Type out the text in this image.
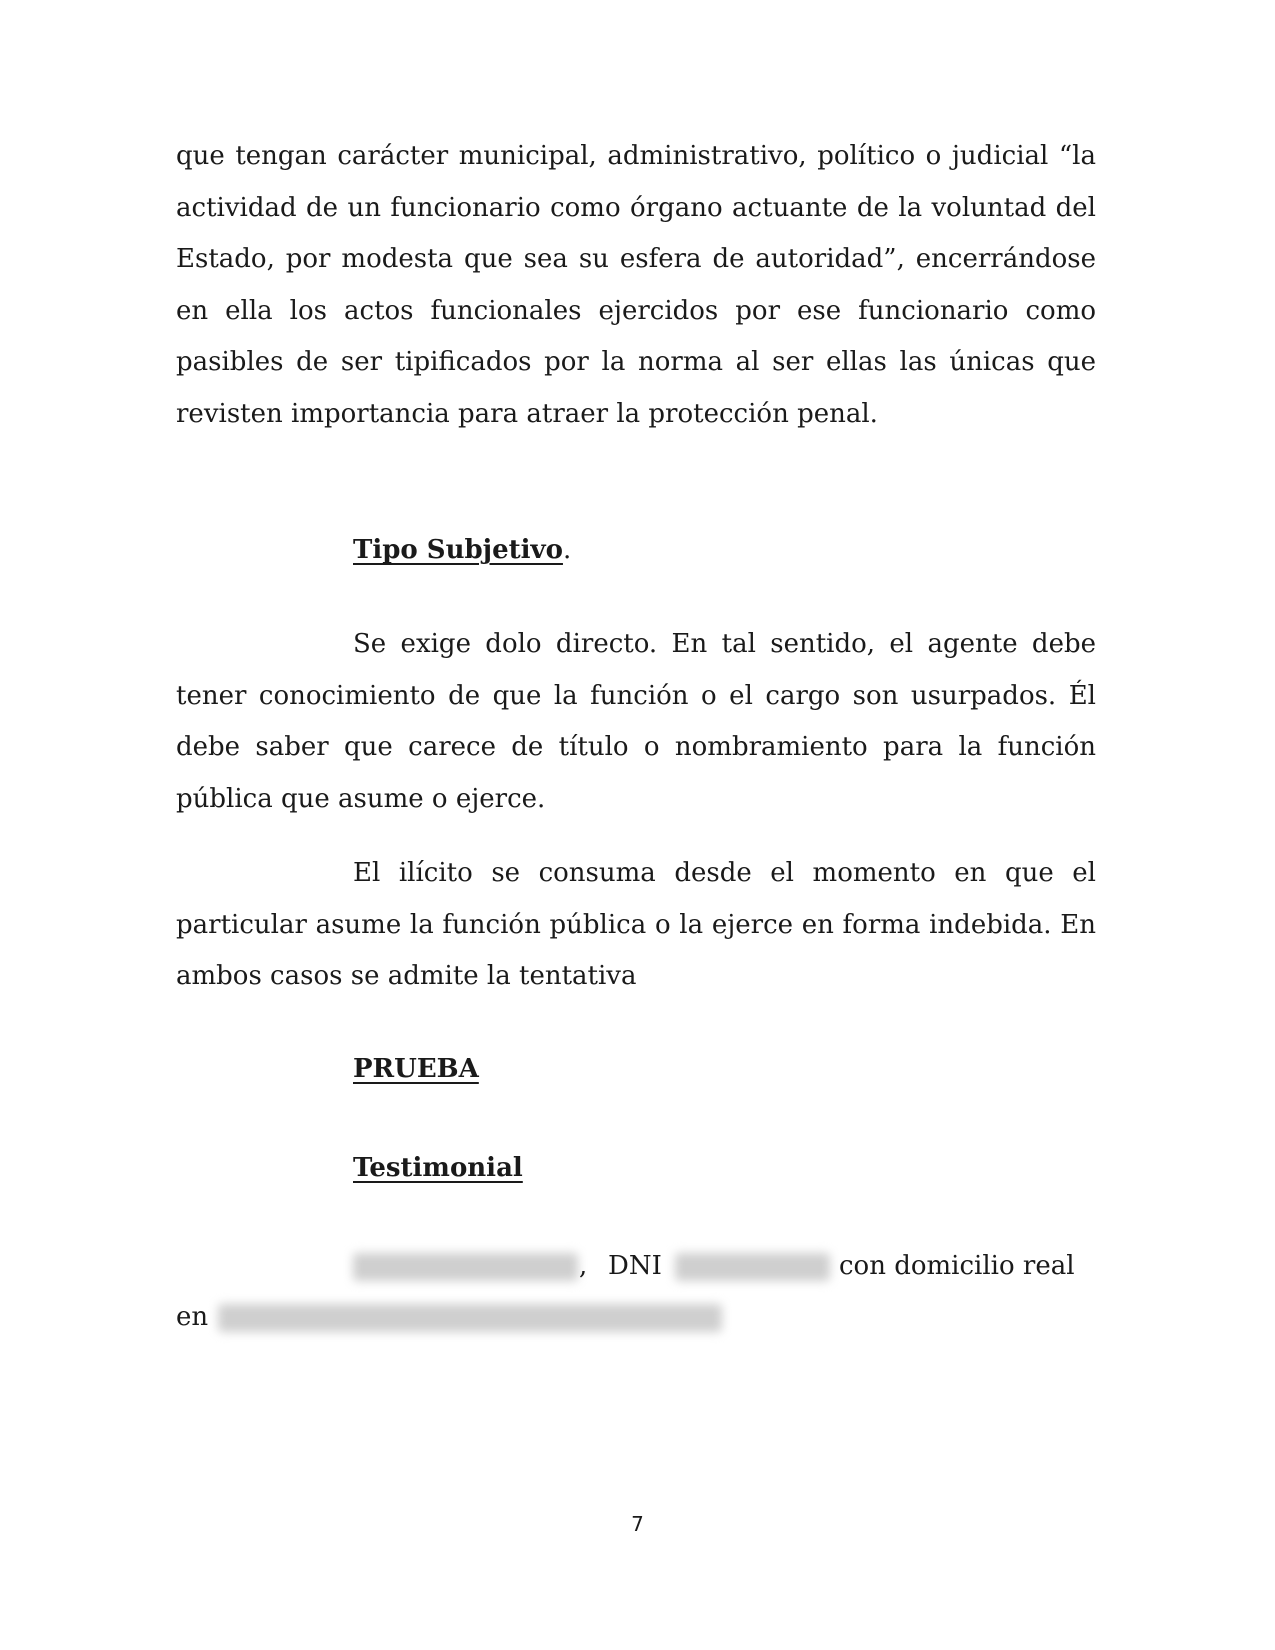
que tengan carácter municipal, administrativo, político o judicial “la actividad de un funcionario como órgano actuante de la voluntad del Estado, por modesta que sea su esfera de autoridad”, encerrándose en ella los actos funcionales ejercidos por ese funcionario como pasibles de ser tipificados por la norma al ser ellas las únicas que revisten importancia para atraer la protección penal.

Tipo Subjetivo.

Se exige dolo directo. En tal sentido, el agente debe tener conocimiento de que la función o el cargo son usurpados. Él debe saber que carece de título o nombramiento para la función pública que asume o ejerce.

El ilícito se consuma desde el momento en que el particular asume la función pública o la ejerce en forma indebida. En ambos casos se admite la tentativa

PRUEBA

Testimonial

, DNI	con domicilio real
en
7
